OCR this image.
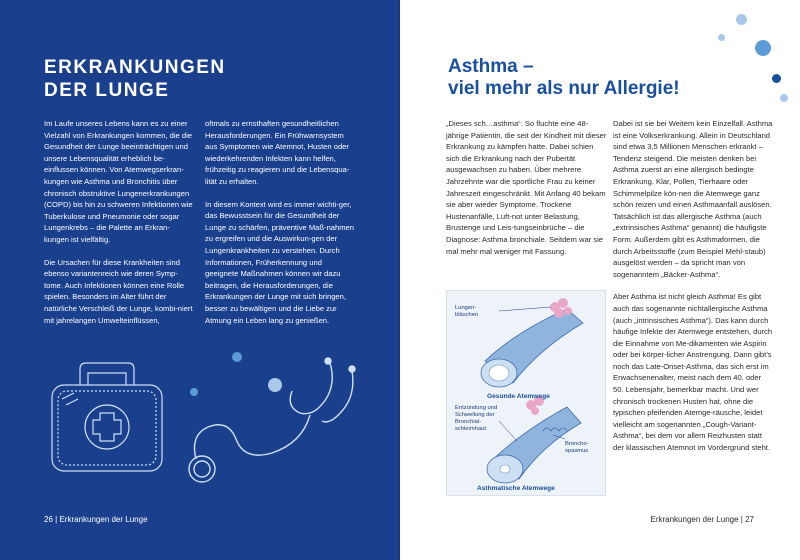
ERKRANKUNGEN
DER LUNGE

Im Laufe unseres Lebens kann es zu einer Vielzahl von Erkrankungen kommen, die die Gesundheit der Lunge beeinträchtigen und unsere Lebensqualität erheblich be-einflussen können. Von Atemwegserkran-kungen wie Asthma und Bronchitis über chronisch obstruktive Lungenerkrankungen (COPD) bis hin zu schweren Infektionen wie Tuberkulose und Pneumonie oder sogar Lungenkrebs – die Palette an Erkran-kungen ist vielfältig.

Die Ursachen für diese Krankheiten sind ebenso variantenreich wie deren Symp-tome. Auch Infektionen können eine Rolle spielen. Besonders im Alter führt der natürliche Verschleiß der Lunge, kombi-niert mit jahrelangen Umwelteinflüssen,

oftmals zu ernsthaften gesundheitlichen Herausforderungen. Ein Frühwarnsystem aus Symptomen wie Atemnot, Husten oder wiederkehrenden Infekten kann helfen, frühzeitig zu reagieren und die Lebensqua-lität zu erhalten.

In diesem Kontext wird es immer wichti-ger, das Bewusstsein für die Gesundheit der Lunge zu schärfen, präventive Maß-nahmen zu ergreifen und die Auswirkun-gen der Lungenkrankheiten zu verstehen. Durch Informationen, Früherkennung und geeignete Maßnahmen können wir dazu beitragen, die Herausforderungen, die Erkrankungen der Lunge mit sich bringen, besser zu bewältigen und die Liebe zur Atmung ein Leben lang zu genießen.

26 | Erkrankungen der Lunge
Asthma –
viel mehr als nur Allergie!

„Dieses sch…asthma“. So fluchte eine 48-jährige Patientin, die seit der Kindheit mit dieser Erkrankung zu kämpfen hatte. Dabei schien sich die Erkrankung nach der Pubertät ausgewachsen zu haben. Über mehrere Jahrzehnte war die sportliche Frau zu keiner Jahreszeit eingeschränkt. Mit Anfang 40 bekam sie aber wieder Symptome. Trockene Hustenanfälle, Luft-not unter Belastung, Brustenge und Leis-tungseinbrüche – die Diagnose: Asthma bronchiale. Seitdem war sie mal mehr mal weniger mit Fassung.

Dabei ist sie bei Weitem kein Einzelfall. Asthma ist eine Volkserkrankung. Allein in Deutschland sind etwa 3,5 Millionen Menschen erkrankt – Tendenz steigend. Die meisten denken bei Asthma zuerst an eine allergisch bedingte Erkrankung. Klar, Pollen, Tierhaare oder Schimmelpilze kön-nen die Atemwege ganz schön reizen und einen Asthmaanfall auslösen. Tatsächlich ist das allergische Asthma (auch „extrinsisches Asthma“ genannt) die häufigste Form. Außerdem gibt es Asthmaformen, die durch Arbeitsstoffe (zum Beispiel Mehl-staub) ausgelöst werden – da spricht man von sogenanntem „Bäcker-Asthma“.

Aber Asthma ist nicht gleich Asthma! Es gibt auch das sogenannte nichtallergische Asthma (auch „intrinsisches Asthma“). Das kann durch häufige Infekte der Atemwege entstehen, durch die Einnahme von Me-dikamenten wie Aspirin oder bei körper-licher Anstrengung. Dann gibt’s noch das Late-Onset-Asthma, das sich erst im Erwachsenenalter, meist nach dem 40. oder 50. Lebensjahr, bemerkbar macht. Und wer chronisch trockenen Husten hat, ohne die typischen pfeifenden Atemge-räusche, leidet vielleicht am sogenannten „Cough-Variant-Asthma“, bei dem vor allem Reizhusten statt der klassischen Atemnot im Vordergrund steht.

Lungen-bläschen
Gesunde Atemwege
Entzündung und Schwellung der Bronchial-schleimhaut
Broncho-spasmus
Asthmatische Atemwege
Erkrankungen der Lunge | 27
